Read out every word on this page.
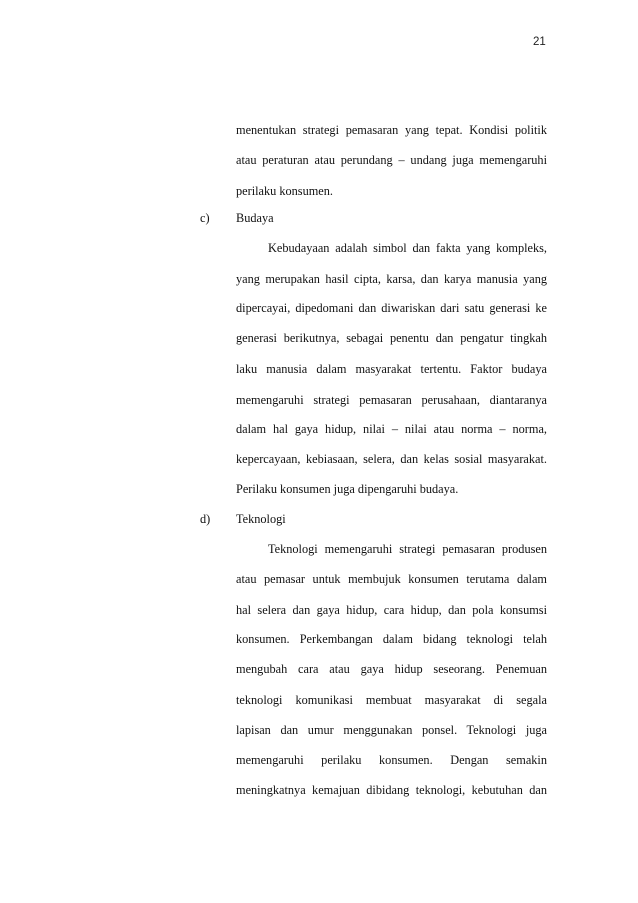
21
menentukan strategi pemasaran yang tepat. Kondisi politik
atau peraturan atau perundang – undang juga memengaruhi
perilaku konsumen.
c) Budaya
Kebudayaan adalah simbol dan fakta yang kompleks,
yang merupakan hasil cipta, karsa, dan karya manusia yang
dipercayai, dipedomani dan diwariskan dari satu generasi ke
generasi berikutnya, sebagai penentu dan pengatur tingkah
laku manusia dalam masyarakat tertentu. Faktor budaya
memengaruhi strategi pemasaran perusahaan, diantaranya
dalam hal gaya hidup, nilai – nilai atau norma – norma,
kepercayaan, kebiasaan, selera, dan kelas sosial masyarakat.
Perilaku konsumen juga dipengaruhi budaya.
d) Teknologi
Teknologi memengaruhi strategi pemasaran produsen
atau pemasar untuk membujuk konsumen terutama dalam
hal selera dan gaya hidup, cara hidup, dan pola konsumsi
konsumen. Perkembangan dalam bidang teknologi telah
mengubah cara atau gaya hidup seseorang. Penemuan
teknologi komunikasi membuat masyarakat di segala
lapisan dan umur menggunakan ponsel. Teknologi juga
memengaruhi perilaku konsumen. Dengan semakin
meningkatnya kemajuan dibidang teknologi, kebutuhan dan
